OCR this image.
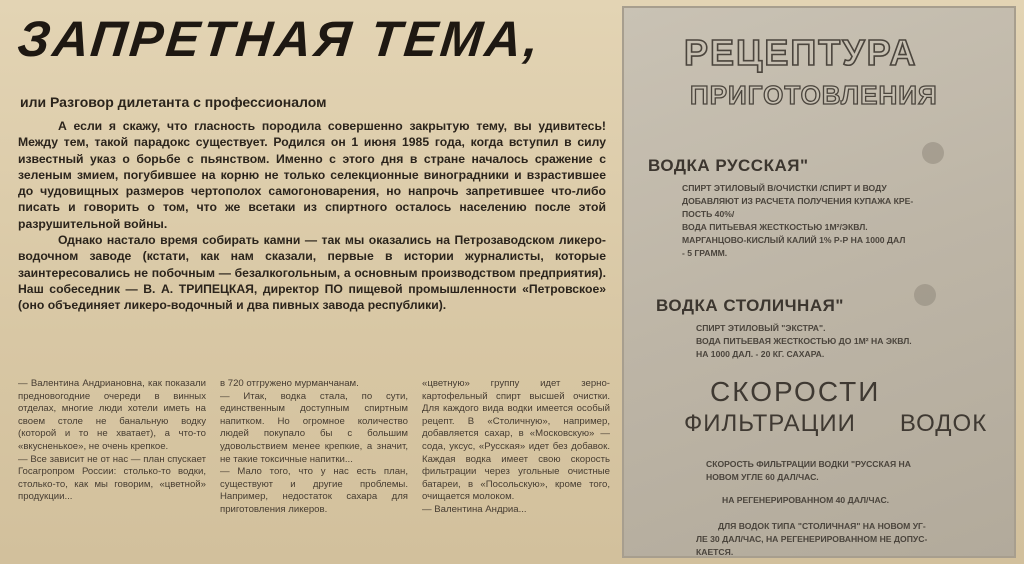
ЗАПРЕТНАЯ ТЕМА,
или Разговор дилетанта с профессионалом

А если я скажу, что гласность породила совершенно закрытую тему, вы удивитесь! Между тем, такой парадокс существует. Родился он 1 июня 1985 года, когда вступил в силу известный указ о борьбе с пьянством. Именно с этого дня в стране началось сражение с зеленым змием, погубившее на корню не только селекционные виноградники и взрастившее до чудовищных размеров чертополох самогоноварения, но напрочь запретившее что-либо писать и говорить о том, что же всетаки из спиртного осталось населению после этой разрушительной войны.

Однако настало время собирать камни — так мы оказались на Петрозаводском ликеро-водочном заводе (кстати, как нам сказали, первые в истории журналисты, которые заинтересовались не побочным — безалкогольным, а основным производством предприятия). Наш собеседник — В. А. ТРИПЕЦКАЯ, директор ПО пищевой промышленности «Петровское» (оно объединяет ликеро-водочный и два пивных завода республики).

— Валентина Андриановна, как показали предновогодние очереди в винных отделах, многие люди хотели иметь на своем столе не банальную водку (которой и то не хватает), а что-то «вкусненькое», не очень крепкое.

— Все зависит не от нас — план спускает Госагропром России: столько-то водки, столько-то, как мы говорим, «цветной» продукции...

в 720 отгружено мурманчанам.

— Итак, водка стала, по сути, единственным доступным спиртным напитком. Но огромное количество людей покупало бы с большим удовольствием менее крепкие, а значит, не такие токсичные напитки...

— Мало того, что у нас есть план, существуют и другие проблемы. Например, недостаток сахара для приготовления ликеров.

«цветную» группу идет зерно-картофельный спирт высшей очистки. Для каждого вида водки имеется особый рецепт. В «Столичную», например, добавляется сахар, в «Московскую» — сода, уксус, «Русская» идет без добавок. Каждая водка имеет свою скорость фильтрации через угольные очистные батареи, в «Посольскую», кроме того, очищается молоком.

— Валентина Андриа...

РЕЦЕПТУРА
ПРИГОТОВЛЕНИЯ
ВОДКА РУССКАЯ"
СПИРТ ЭТИЛОВЫЙ В/ОЧИСТКИ /СПИРТ И ВОДУ
ДОБАВЛЯЮТ ИЗ РАСЧЕТА ПОЛУЧЕНИЯ КУПАЖА КРЕ-
ПОСТЬ 40%/
ВОДА ПИТЬЕВАЯ ЖЕСТКОСТЬЮ 1М²/ЭКВЛ.
МАРГАНЦОВО-КИСЛЫЙ КАЛИЙ 1% Р-Р НА 1000 ДАЛ
- 5 ГРАММ.
ВОДКА СТОЛИЧНАЯ"
СПИРТ ЭТИЛОВЫЙ "ЭКСТРА".
ВОДА ПИТЬЕВАЯ ЖЕСТКОСТЬЮ ДО 1М² НА ЭКВЛ.
НА 1000 ДАЛ. - 20 КГ. САХАРА.
СКОРОСТИ
ФИЛЬТРАЦИИ ВОДОК
СКОРОСТЬ ФИЛЬТРАЦИИ ВОДКИ "РУССКАЯ НА
НОВОМ УГЛЕ 60 ДАЛ/ЧАС.
НА РЕГЕНЕРИРОВАННОМ 40 ДАЛ/ЧАС.
ДЛЯ ВОДОК ТИПА "СТОЛИЧНАЯ" НА НОВОМ УГ-
ЛЕ 30 ДАЛ/ЧАС, НА РЕГЕНЕРИРОВАННОМ НЕ ДОПУС-
КАЕТСЯ.
